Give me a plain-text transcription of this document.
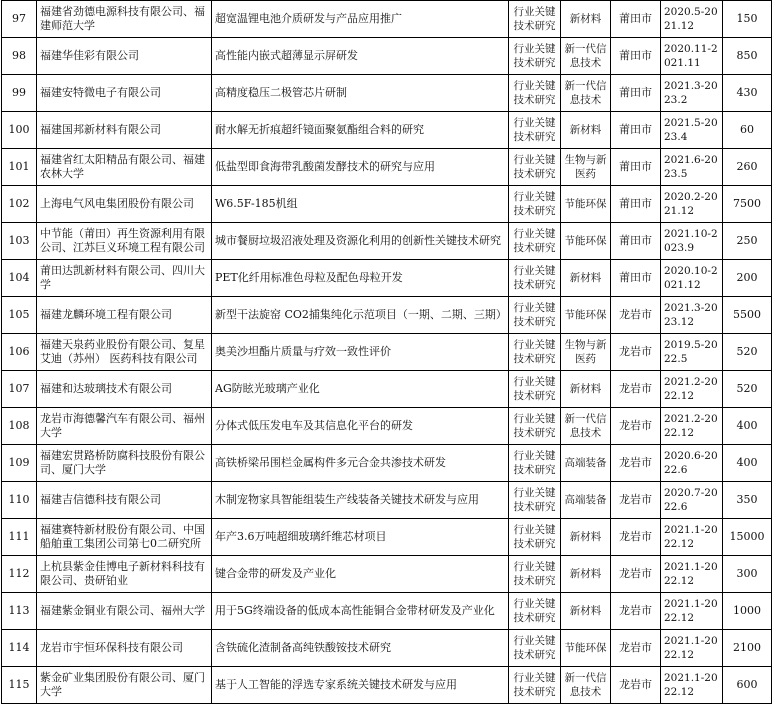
97	福建省劲德电源科技有限公司、福建师范大学	超宽温锂电池介质研发与产品应用推广	行业关键技术研究	新材料	莆田市	2020.5-2021.12	150
98	福建华佳彩有限公司	高性能内嵌式超薄显示屏研发	行业关键技术研究	新一代信息技术	莆田市	2020.11-2021.11	850
99	福建安特微电子有限公司	高精度稳压二极管芯片研制	行业关键技术研究	新一代信息技术	莆田市	2021.3-2023.2	430
100	福建国邦新材料有限公司	耐水解无折痕超纤镜面聚氨酯组合料的研究	行业关键技术研究	新材料	莆田市	2021.5-2023.4	60
101	福建省红太阳精品有限公司、福建农林大学	低盐型即食海带乳酸菌发酵技术的研究与应用	行业关键技术研究	生物与新医药	莆田市	2021.6-2023.5	260
102	上海电气风电集团股份有限公司	W6.5F-185机组	行业关键技术研究	节能环保	莆田市	2020.2-2021.12	7500
103	中节能（莆田）再生资源利用有限公司、江苏巨义环境工程有限公司	城市餐厨垃圾沼液处理及资源化利用的创新性关键技术研究	行业关键技术研究	节能环保	莆田市	2021.10-2023.9	250
104	莆田达凯新材料有限公司、四川大学	PET化纤用标准色母粒及配色母粒开发	行业关键技术研究	新材料	莆田市	2020.10-2021.12	200
105	福建龙麟环境工程有限公司	新型干法旋窑 CO2捕集纯化示范项目（一期、二期、三期）	行业关键技术研究	节能环保	龙岩市	2021.3-2023.12	5500
106	福建天泉药业股份有限公司、复星艾迪（苏州） 医药科技有限公司	奥美沙坦酯片质量与疗效一致性评价	行业关键技术研究	生物与新医药	龙岩市	2019.5-2022.5	520
107	福建和达玻璃技术有限公司	AG防眩光玻璃产业化	行业关键技术研究	新材料	龙岩市	2021.2-2022.12	520
108	龙岩市海德馨汽车有限公司、福州大学	分体式低压发电车及其信息化平台的研发	行业关键技术研究	新一代信息技术	龙岩市	2021.2-2022.12	400
109	福建宏贯路桥防腐科技股份有限公司、厦门大学	高铁桥梁吊围栏金属构件多元合金共渗技术研发	行业关键技术研究	高端装备	龙岩市	2020.6-2022.6	400
110	福建吉信德科技有限公司	木制宠物家具智能组装生产线装备关键技术研发与应用	行业关键技术研究	高端装备	龙岩市	2020.7-2022.6	350
111	福建赛特新材股份有限公司、中国船舶重工集团公司第七0二研究所	年产3.6万吨超细玻璃纤维芯材项目	行业关键技术研究	新材料	龙岩市	2021.1-2022.12	15000
112	上杭县紫金佳博电子新材料科技有限公司、贵研铂业	键合金带的研发及产业化	行业关键技术研究	新材料	龙岩市	2021.1-2022.12	300
113	福建紫金铜业有限公司、福州大学	用于5G终端设备的低成本高性能铜合金带材研发及产业化	行业关键技术研究	新材料	龙岩市	2021.1-2022.12	1000
114	龙岩市宇恒环保科技有限公司	含铁硫化渣制备高纯铁酸铵技术研究	行业关键技术研究	节能环保	龙岩市	2021.1-2022.12	2100
115	紫金矿业集团股份有限公司、厦门大学	基于人工智能的浮选专家系统关键技术研发与应用	行业关键技术研究	新一代信息技术	龙岩市	2021.1-2022.12	600
